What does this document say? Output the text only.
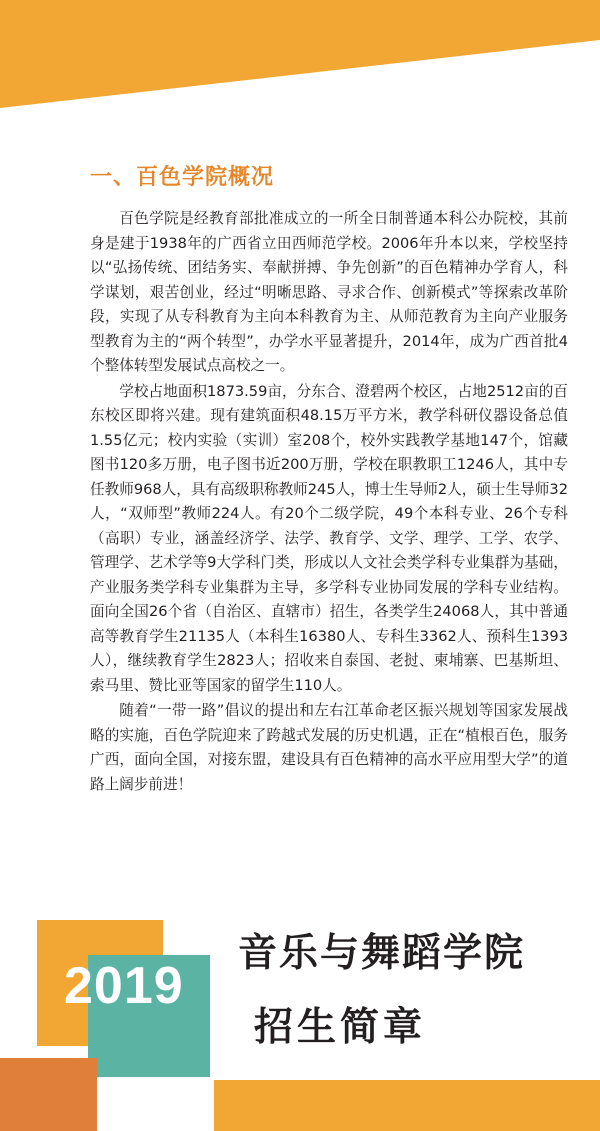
一、百色学院概况

百色学院是经教育部批准成立的一所全日制普通本科公办院校，其前身是建于1938年的广西省立田西师范学校。2006年升本以来，学校坚持以“弘扬传统、团结务实、奉献拼搏、争先创新”的百色精神办学育人，科学谋划，艰苦创业，经过“明晰思路、寻求合作、创新模式”等探索改革阶段，实现了从专科教育为主向本科教育为主、从师范教育为主向产业服务型教育为主的“两个转型”，办学水平显著提升，2014年，成为广西首批4个整体转型发展试点高校之一。

学校占地面积1873.59亩，分东合、澄碧两个校区，占地2512亩的百东校区即将兴建。现有建筑面积48.15万平方米，教学科研仪器设备总值1.55亿元；校内实验（实训）室208个，校外实践教学基地147个，馆藏图书120多万册，电子图书近200万册，学校在职教职工1246人，其中专任教师968人，具有高级职称教师245人，博士生导师2人，硕士生导师32人，“双师型”教师224人。有20个二级学院，49个本科专业、26个专科（高职）专业，涵盖经济学、法学、教育学、文学、理学、工学、农学、管理学、艺术学等9大学科门类，形成以人文社会类学科专业集群为基础，产业服务类学科专业集群为主导，多学科专业协同发展的学科专业结构。面向全国26个省（自治区、直辖市）招生，各类学生24068人，其中普通高等教育学生21135人（本科生16380人、专科生3362人、预科生1393人），继续教育学生2823人；招收来自泰国、老挝、柬埔寨、巴基斯坦、索马里、赞比亚等国家的留学生110人。

随着“一带一路”倡议的提出和左右江革命老区振兴规划等国家发展战略的实施，百色学院迎来了跨越式发展的历史机遇，正在“植根百色，服务广西，面向全国，对接东盟，建设具有百色精神的高水平应用型大学”的道路上阔步前进！

2019
音乐与舞蹈学院
招生简章
